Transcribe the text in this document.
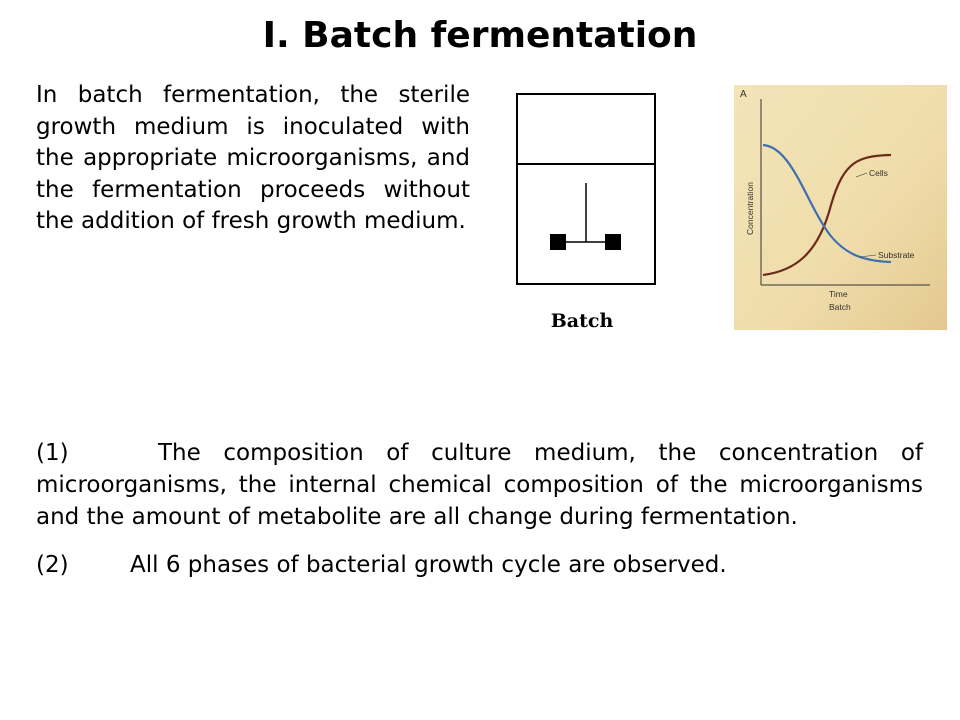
I. Batch fermentation

In batch fermentation, the sterile growth medium is inoculated with the appropriate microorganisms, and the fermentation proceeds without the addition of fresh growth medium.

Batch
A
Concentration
Cells
Substrate
Time
Batch

(1)	The composition of culture medium, the concentration of microorganisms, the internal chemical composition of the microorganisms and the amount of metabolite are all change during fermentation.

(2)	All 6 phases of bacterial growth cycle are observed.
